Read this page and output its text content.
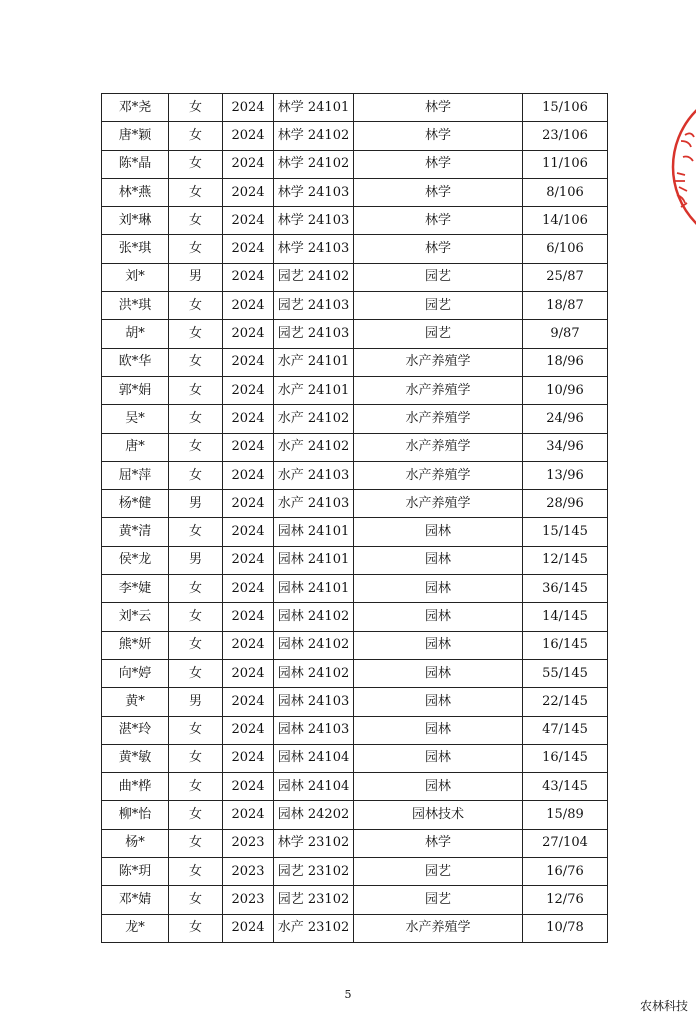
邓*尧	女	2024	林学 24101	林学	15/106
唐*颖	女	2024	林学 24102	林学	23/106
陈*晶	女	2024	林学 24102	林学	11/106
林*燕	女	2024	林学 24103	林学	8/106
刘*琳	女	2024	林学 24103	林学	14/106
张*琪	女	2024	林学 24103	林学	6/106
刘*	男	2024	园艺 24102	园艺	25/87
洪*琪	女	2024	园艺 24103	园艺	18/87
胡*	女	2024	园艺 24103	园艺	9/87
欧*华	女	2024	水产 24101	水产养殖学	18/96
郭*娟	女	2024	水产 24101	水产养殖学	10/96
吴*	女	2024	水产 24102	水产养殖学	24/96
唐*	女	2024	水产 24102	水产养殖学	34/96
屈*萍	女	2024	水产 24103	水产养殖学	13/96
杨*健	男	2024	水产 24103	水产养殖学	28/96
黄*清	女	2024	园林 24101	园林	15/145
侯*龙	男	2024	园林 24101	园林	12/145
李*婕	女	2024	园林 24101	园林	36/145
刘*云	女	2024	园林 24102	园林	14/145
熊*妍	女	2024	园林 24102	园林	16/145
向*婷	女	2024	园林 24102	园林	55/145
黄*	男	2024	园林 24103	园林	22/145
湛*玲	女	2024	园林 24103	园林	47/145
黄*敏	女	2024	园林 24104	园林	16/145
曲*桦	女	2024	园林 24104	园林	43/145
柳*怡	女	2024	园林 24202	园林技术	15/89
杨*	女	2023	林学 23102	林学	27/104
陈*玥	女	2023	园艺 23102	园艺	16/76
邓*婧	女	2023	园艺 23102	园艺	12/76
龙*	女	2024	水产 23102	水产养殖学	10/78
5
农林科技
